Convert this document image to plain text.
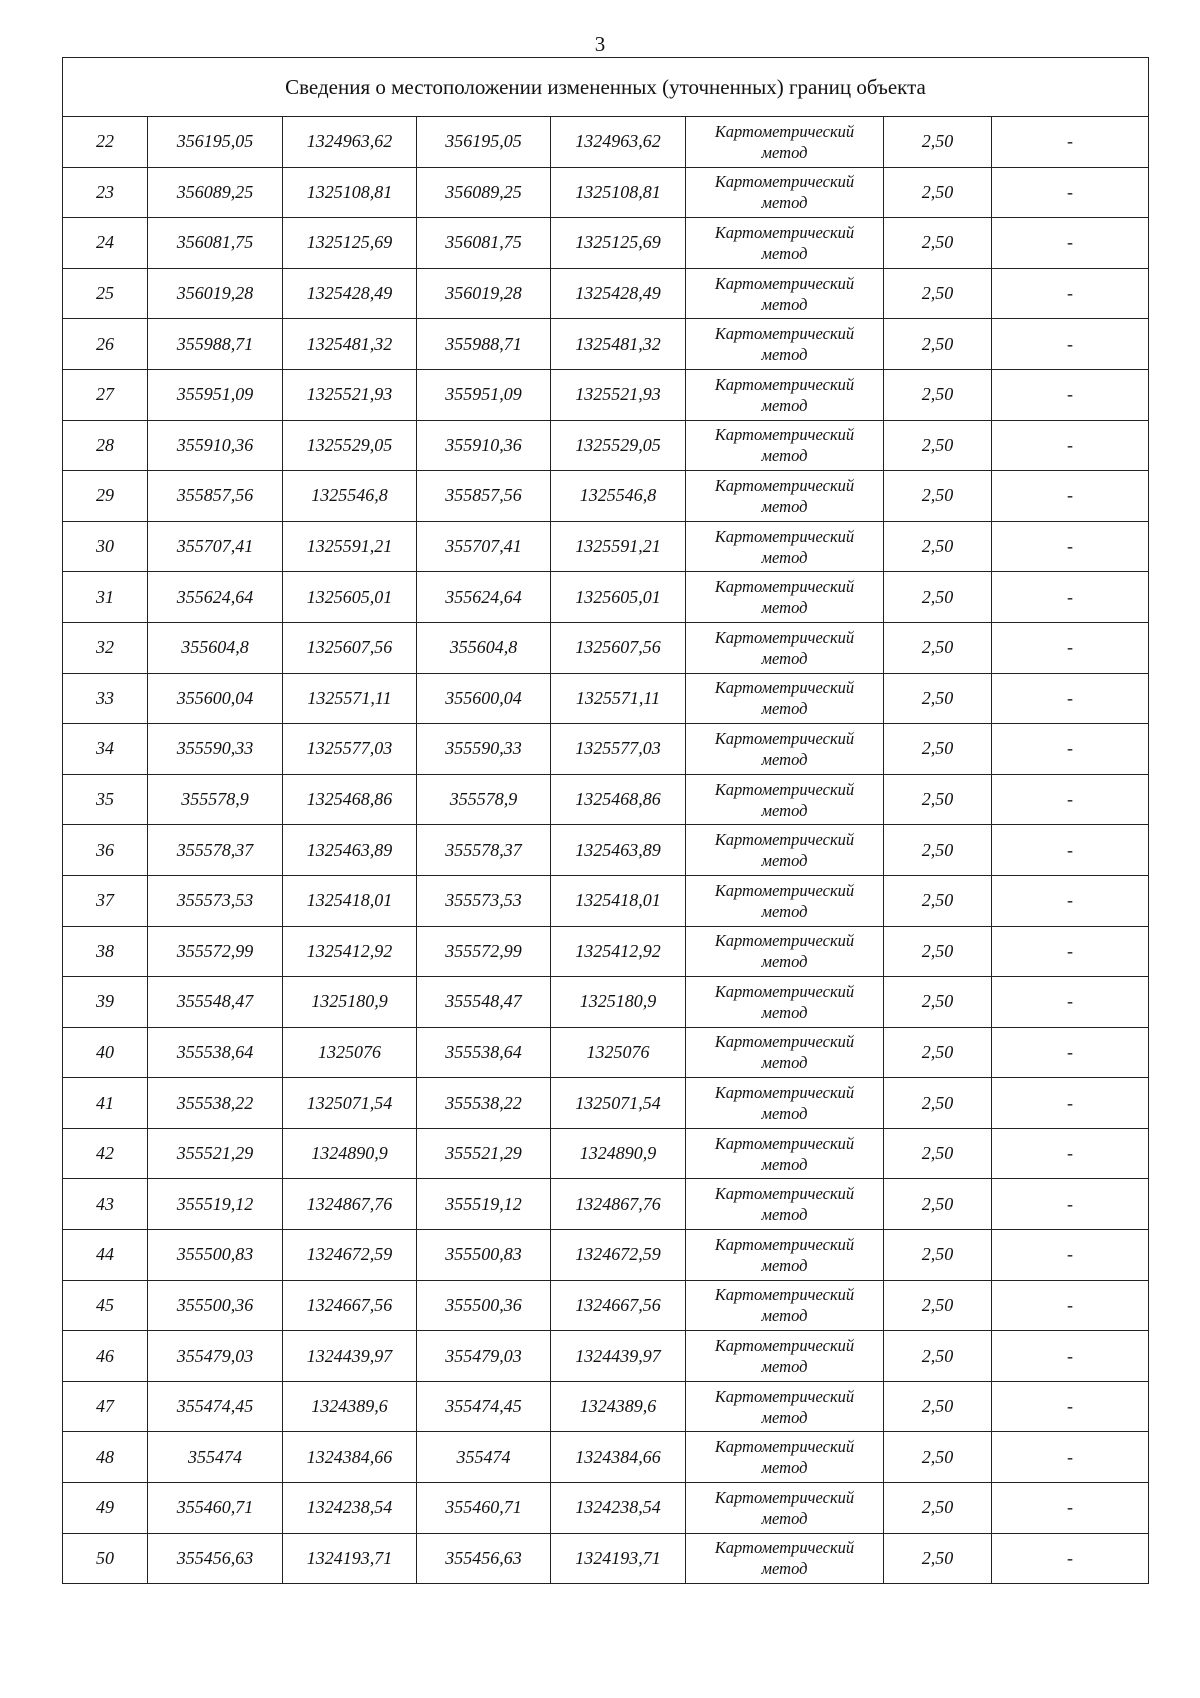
3
Сведения о местоположении измененных (уточненных) границ объекта							
22	356195,05	1324963,62	356195,05	1324963,62	Картометрический
метод	2,50	-
23	356089,25	1325108,81	356089,25	1325108,81	Картометрический
метод	2,50	-
24	356081,75	1325125,69	356081,75	1325125,69	Картометрический
метод	2,50	-
25	356019,28	1325428,49	356019,28	1325428,49	Картометрический
метод	2,50	-
26	355988,71	1325481,32	355988,71	1325481,32	Картометрический
метод	2,50	-
27	355951,09	1325521,93	355951,09	1325521,93	Картометрический
метод	2,50	-
28	355910,36	1325529,05	355910,36	1325529,05	Картометрический
метод	2,50	-
29	355857,56	1325546,8	355857,56	1325546,8	Картометрический
метод	2,50	-
30	355707,41	1325591,21	355707,41	1325591,21	Картометрический
метод	2,50	-
31	355624,64	1325605,01	355624,64	1325605,01	Картометрический
метод	2,50	-
32	355604,8	1325607,56	355604,8	1325607,56	Картометрический
метод	2,50	-
33	355600,04	1325571,11	355600,04	1325571,11	Картометрический
метод	2,50	-
34	355590,33	1325577,03	355590,33	1325577,03	Картометрический
метод	2,50	-
35	355578,9	1325468,86	355578,9	1325468,86	Картометрический
метод	2,50	-
36	355578,37	1325463,89	355578,37	1325463,89	Картометрический
метод	2,50	-
37	355573,53	1325418,01	355573,53	1325418,01	Картометрический
метод	2,50	-
38	355572,99	1325412,92	355572,99	1325412,92	Картометрический
метод	2,50	-
39	355548,47	1325180,9	355548,47	1325180,9	Картометрический
метод	2,50	-
40	355538,64	1325076	355538,64	1325076	Картометрический
метод	2,50	-
41	355538,22	1325071,54	355538,22	1325071,54	Картометрический
метод	2,50	-
42	355521,29	1324890,9	355521,29	1324890,9	Картометрический
метод	2,50	-
43	355519,12	1324867,76	355519,12	1324867,76	Картометрический
метод	2,50	-
44	355500,83	1324672,59	355500,83	1324672,59	Картометрический
метод	2,50	-
45	355500,36	1324667,56	355500,36	1324667,56	Картометрический
метод	2,50	-
46	355479,03	1324439,97	355479,03	1324439,97	Картометрический
метод	2,50	-
47	355474,45	1324389,6	355474,45	1324389,6	Картометрический
метод	2,50	-
48	355474	1324384,66	355474	1324384,66	Картометрический
метод	2,50	-
49	355460,71	1324238,54	355460,71	1324238,54	Картометрический
метод	2,50	-
50	355456,63	1324193,71	355456,63	1324193,71	Картометрический
метод	2,50	-
